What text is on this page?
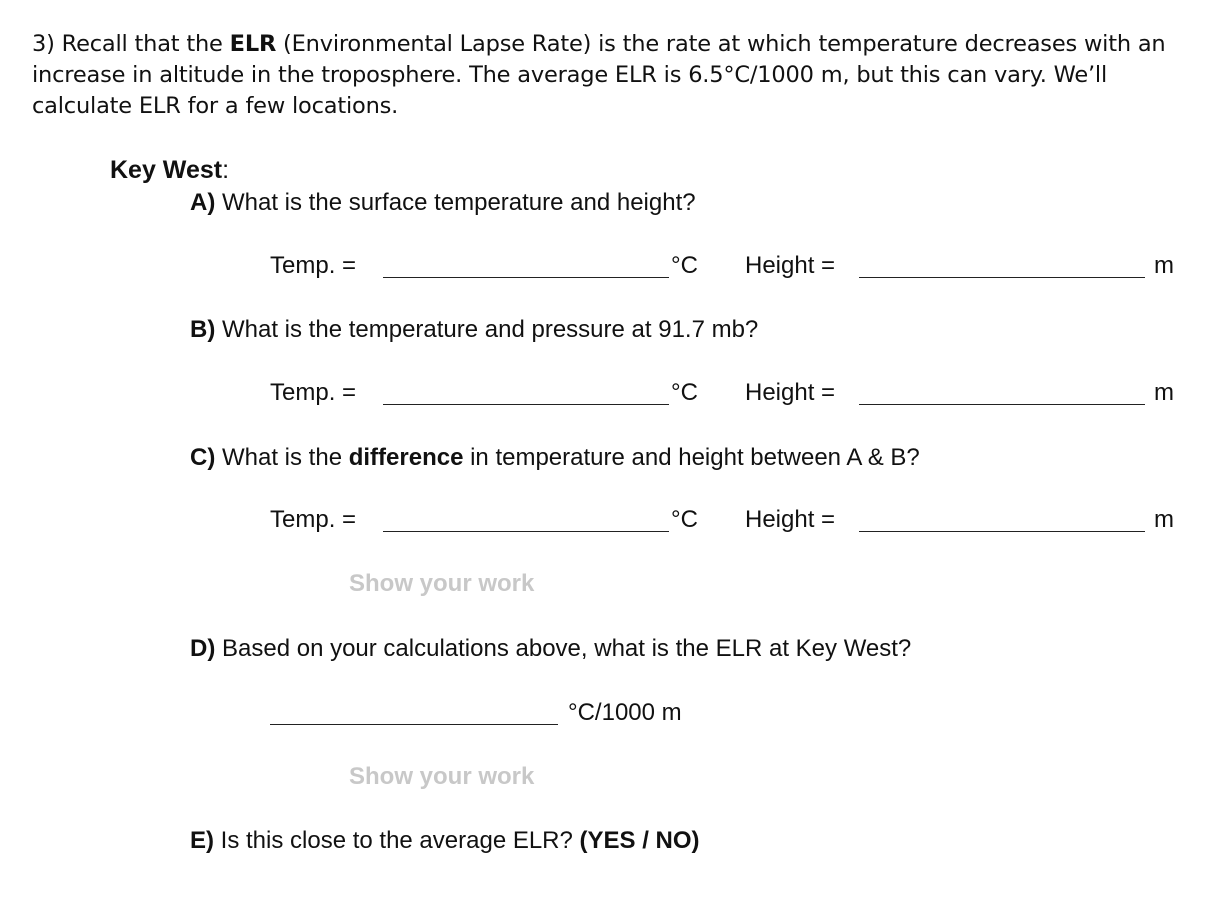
3) Recall that the ELR (Environmental Lapse Rate) is the rate at which temperature decreases with an increase in altitude in the troposphere. The average ELR is 6.5°C/1000 m, but this can vary. We’ll calculate ELR for a few locations.
Key West:
A) What is the surface temperature and height?
Temp. =	°C Height =	m
B) What is the temperature and pressure at 91.7 mb?
Temp. =	°C Height =	m
C) What is the difference in temperature and height between A & B?
Temp. =	°C Height =	m
Show your work
D) Based on your calculations above, what is the ELR at Key West?
°C/1000 m
Show your work
E) Is this close to the average ELR? (YES / NO)
